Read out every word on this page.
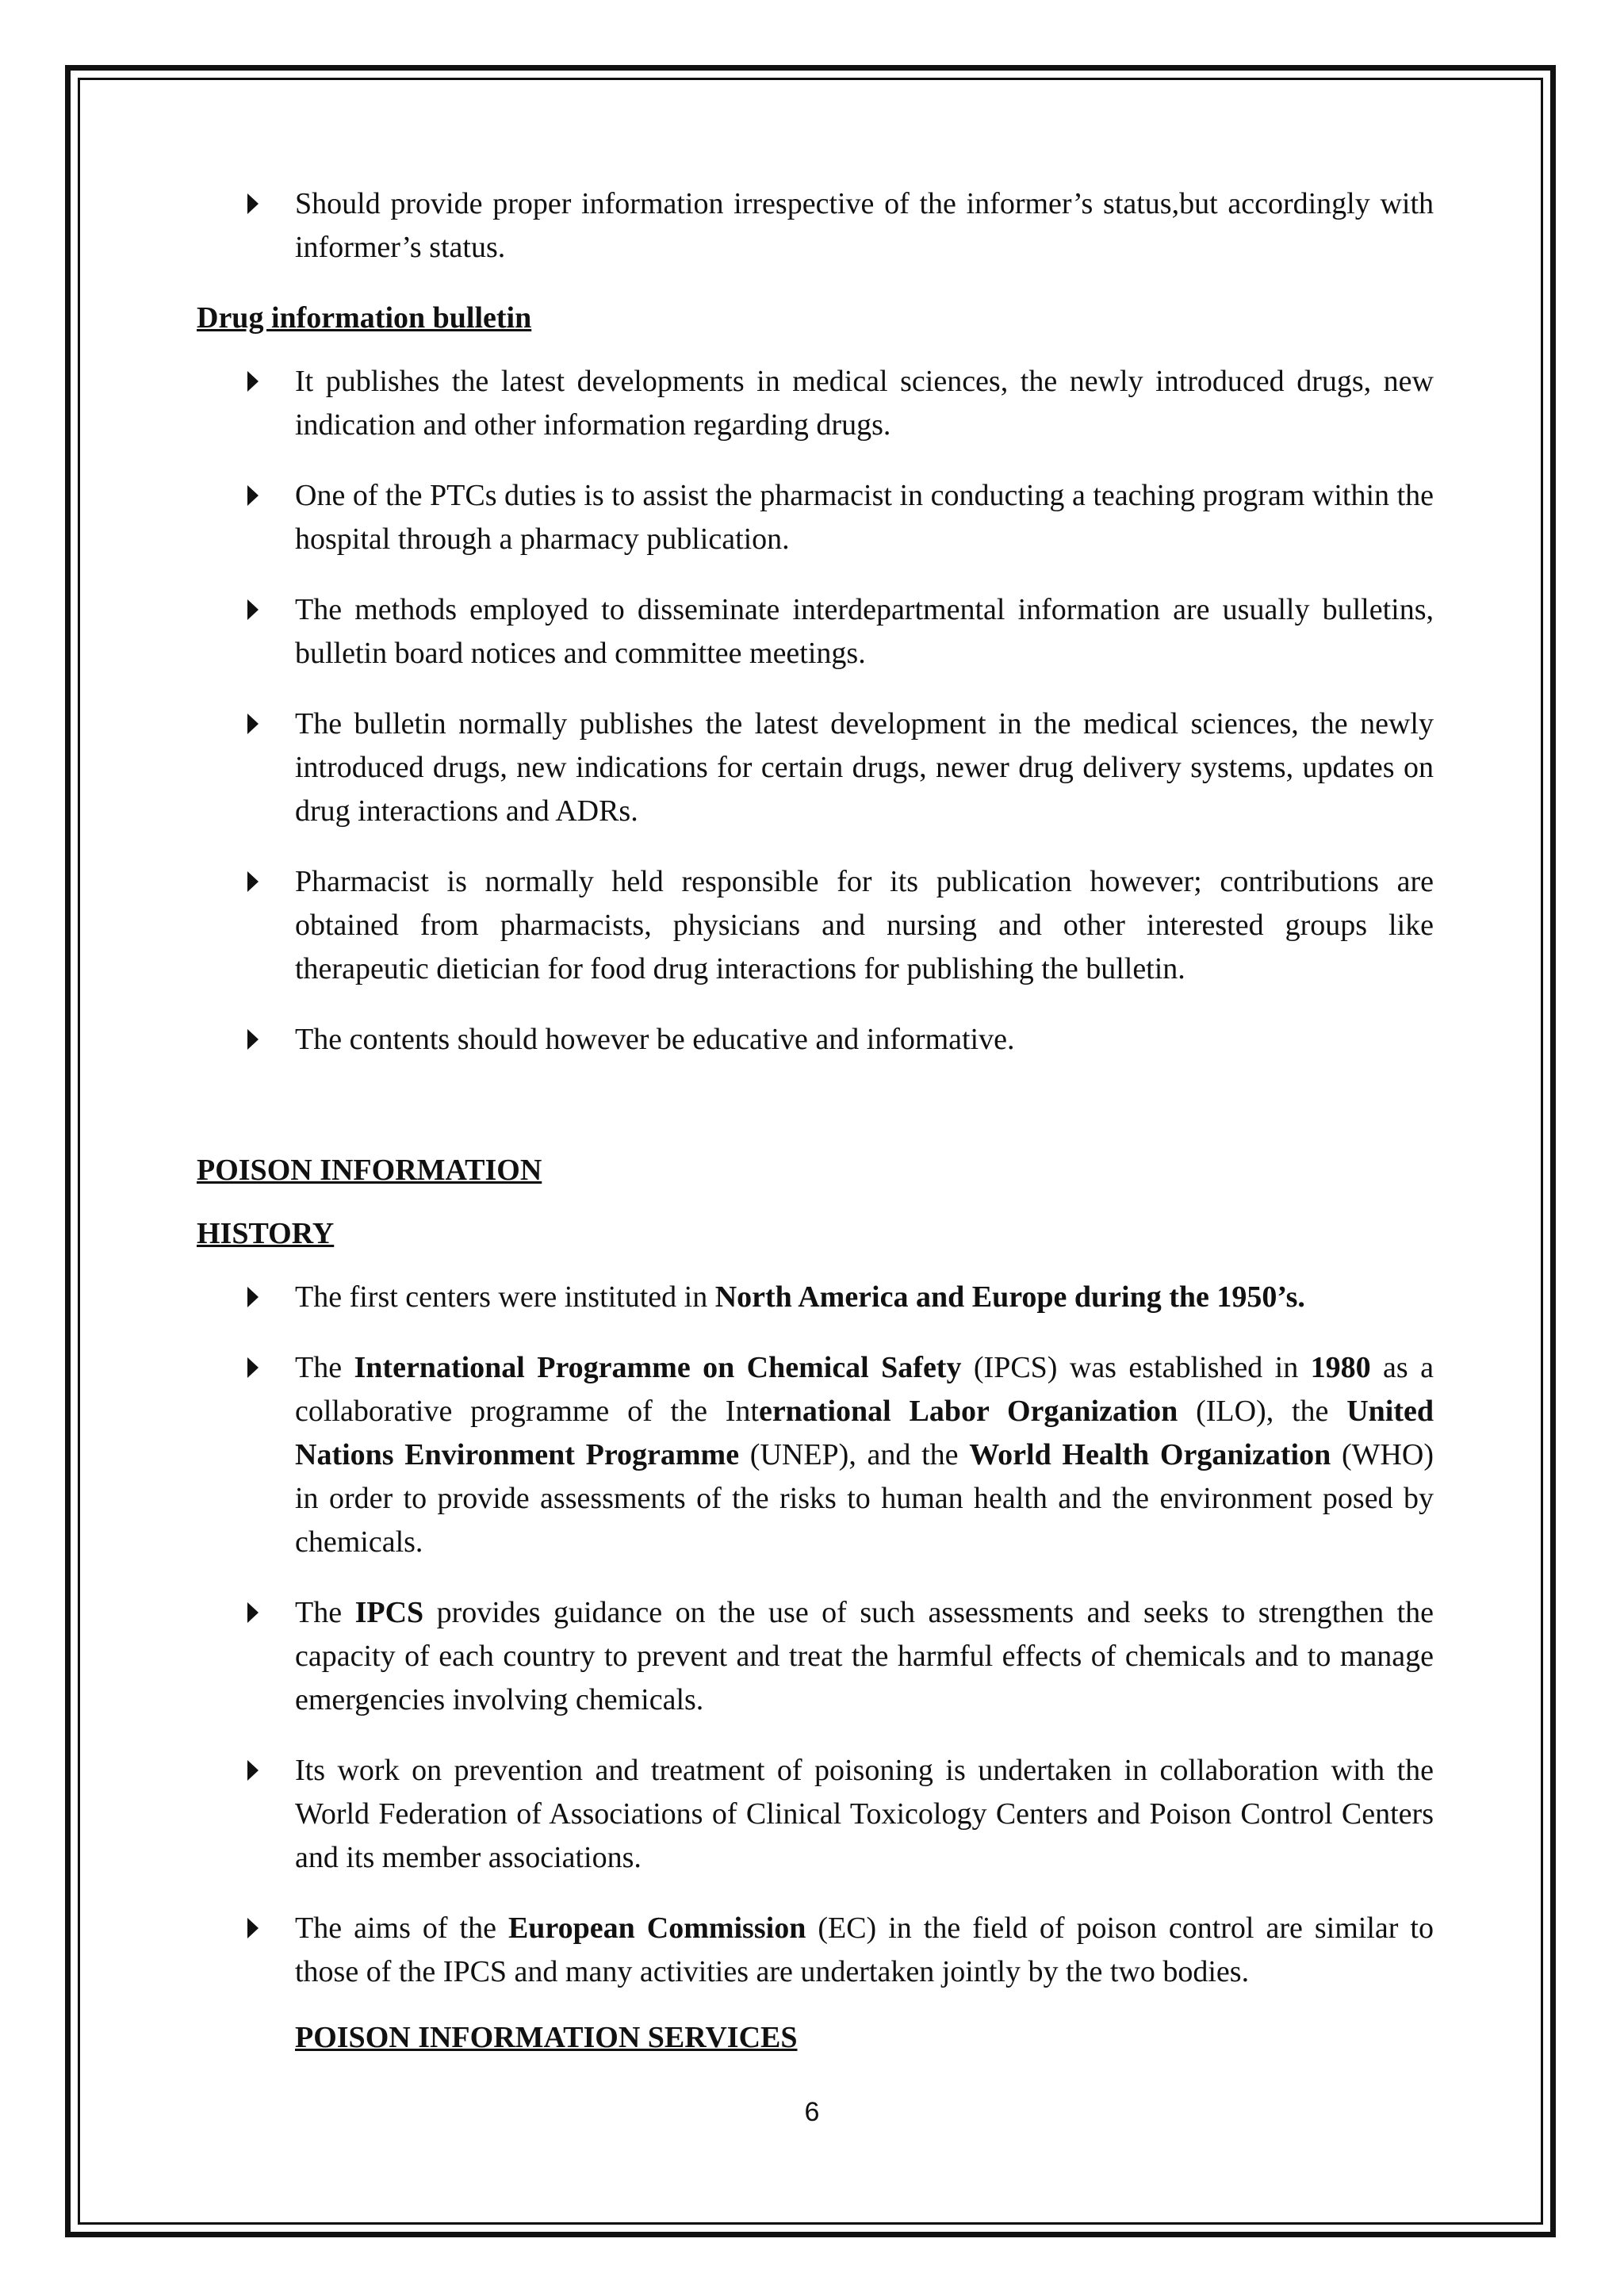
Should provide proper information irrespective of the informer’s status,but accordingly with informer’s status.
Drug information bulletin
It publishes the latest developments in medical sciences, the newly introduced drugs, new indication and other information regarding drugs.
One of the PTCs duties is to assist the pharmacist in conducting a teaching program within the hospital through a pharmacy publication.
The methods employed to disseminate interdepartmental information are usually bulletins, bulletin board notices and committee meetings.
The bulletin normally publishes the latest development in the medical sciences, the newly introduced drugs, new indications for certain drugs, newer drug delivery systems, updates on drug interactions and ADRs.
Pharmacist is normally held responsible for its publication however; contributions are obtained from pharmacists, physicians and nursing and other interested groups like therapeutic dietician for food drug interactions for publishing the bulletin.
The contents should however be educative and informative.
POISON INFORMATION
HISTORY
The first centers were instituted in North America and Europe during the 1950’s.
The International Programme on Chemical Safety (IPCS) was established in 1980 as a collaborative programme of the International Labor Organization (ILO), the United Nations Environment Programme (UNEP), and the World Health Organization (WHO) in order to provide assessments of the risks to human health and the environment posed by chemicals.
The IPCS provides guidance on the use of such assessments and seeks to strengthen the capacity of each country to prevent and treat the harmful effects of chemicals and to manage emergencies involving chemicals.
Its work on prevention and treatment of poisoning is undertaken in collaboration with the World Federation of Associations of Clinical Toxicology Centers and Poison Control Centers and its member associations.
The aims of the European Commission (EC) in the field of poison control are similar to those of the IPCS and many activities are undertaken jointly by the two bodies.
POISON INFORMATION SERVICES
6
